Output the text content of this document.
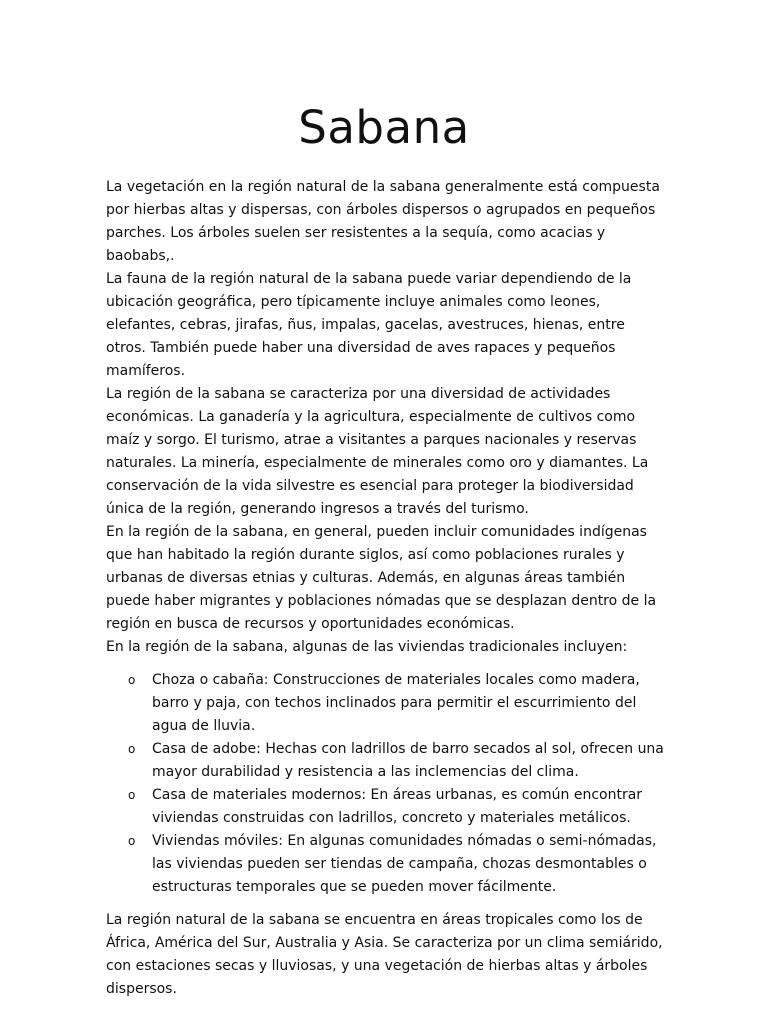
Sabana

La vegetación en la región natural de la sabana generalmente está compuesta por hierbas altas y dispersas, con árboles dispersos o agrupados en pequeños parches. Los árboles suelen ser resistentes a la sequía, como acacias y baobabs,.

La fauna de la región natural de la sabana puede variar dependiendo de la ubicación geográfica, pero típicamente incluye animales como leones, elefantes, cebras, jirafas, ñus, impalas, gacelas, avestruces, hienas, entre otros. También puede haber una diversidad de aves rapaces y pequeños mamíferos.

La región de la sabana se caracteriza por una diversidad de actividades económicas. La ganadería y la agricultura, especialmente de cultivos como maíz y sorgo. El turismo, atrae a visitantes a parques nacionales y reservas naturales. La minería, especialmente de minerales como oro y diamantes. La conservación de la vida silvestre es esencial para proteger la biodiversidad única de la región, generando ingresos a través del turismo.

En la región de la sabana, en general, pueden incluir comunidades indígenas que han habitado la región durante siglos, así como poblaciones rurales y urbanas de diversas etnias y culturas. Además, en algunas áreas también puede haber migrantes y poblaciones nómadas que se desplazan dentro de la región en busca de recursos y oportunidades económicas.

En la región de la sabana, algunas de las viviendas tradicionales incluyen:

o Choza o cabaña: Construcciones de materiales locales como madera, barro y paja, con techos inclinados para permitir el escurrimiento del agua de lluvia.
o Casa de adobe: Hechas con ladrillos de barro secados al sol, ofrecen una mayor durabilidad y resistencia a las inclemencias del clima.
o Casa de materiales modernos: En áreas urbanas, es común encontrar viviendas construidas con ladrillos, concreto y materiales metálicos.
o Viviendas móviles: En algunas comunidades nómadas o semi-nómadas, las viviendas pueden ser tiendas de campaña, chozas desmontables o estructuras temporales que se pueden mover fácilmente.

La región natural de la sabana se encuentra en áreas tropicales como los de África, América del Sur, Australia y Asia. Se caracteriza por un clima semiárido, con estaciones secas y lluviosas, y una vegetación de hierbas altas y árboles dispersos.
